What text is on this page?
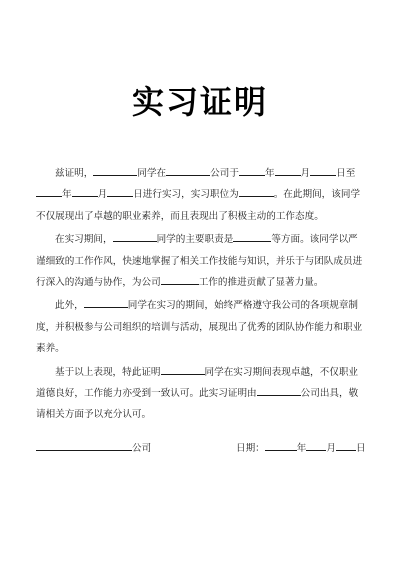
实习证明

兹证明，	同学在	公司于	年	月	日至年	月	日进行实习，实习职位为	。在此期间，该同学不仅展现出了卓越的职业素养，而且表现出了积极主动的工作态度。

在实习期间，	同学的主要职责是	等方面。该同学以严谨细致的工作作风，快速地掌握了相关工作技能与知识，并乐于与团队成员进行深入的沟通与协作，为公司	工作的推进贡献了显著力量。

此外，	同学在实习的期间，始终严格遵守我公司的各项规章制度，并积极参与公司组织的培训与活动，展现出了优秀的团队协作能力和职业素养。

基于以上表现，特此证明	同学在实习期间表现卓越，不仅职业道德良好，工作能力亦受到一致认可。此实习证明由	公司出具，敬请相关方面予以充分认可。

公司	日期：	年 月 日
